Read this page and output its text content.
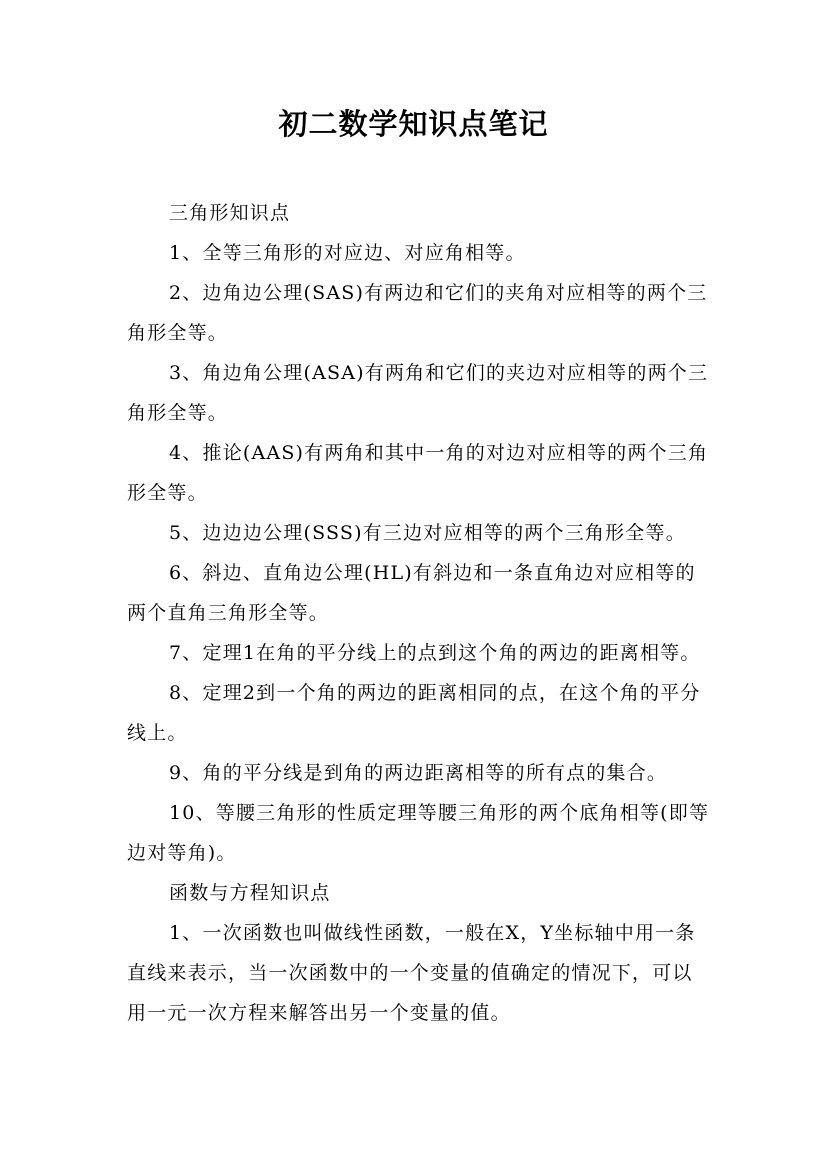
初二数学知识点笔记

三角形知识点

1、全等三角形的对应边、对应角相等。

2、边角边公理(SAS)有两边和它们的夹角对应相等的两个三角形全等。

3、角边角公理(ASA)有两角和它们的夹边对应相等的两个三角形全等。

4、推论(AAS)有两角和其中一角的对边对应相等的两个三角形全等。

5、边边边公理(SSS)有三边对应相等的两个三角形全等。

6、斜边、直角边公理(HL)有斜边和一条直角边对应相等的两个直角三角形全等。

7、定理1在角的平分线上的点到这个角的两边的距离相等。

8、定理2到一个角的两边的距离相同的点，在这个角的平分线上。

9、角的平分线是到角的两边距离相等的所有点的集合。

10、等腰三角形的性质定理等腰三角形的两个底角相等(即等边对等角)。

函数与方程知识点

1、一次函数也叫做线性函数，一般在X，Y坐标轴中用一条直线来表示，当一次函数中的一个变量的值确定的情况下，可以用一元一次方程来解答出另一个变量的值。
